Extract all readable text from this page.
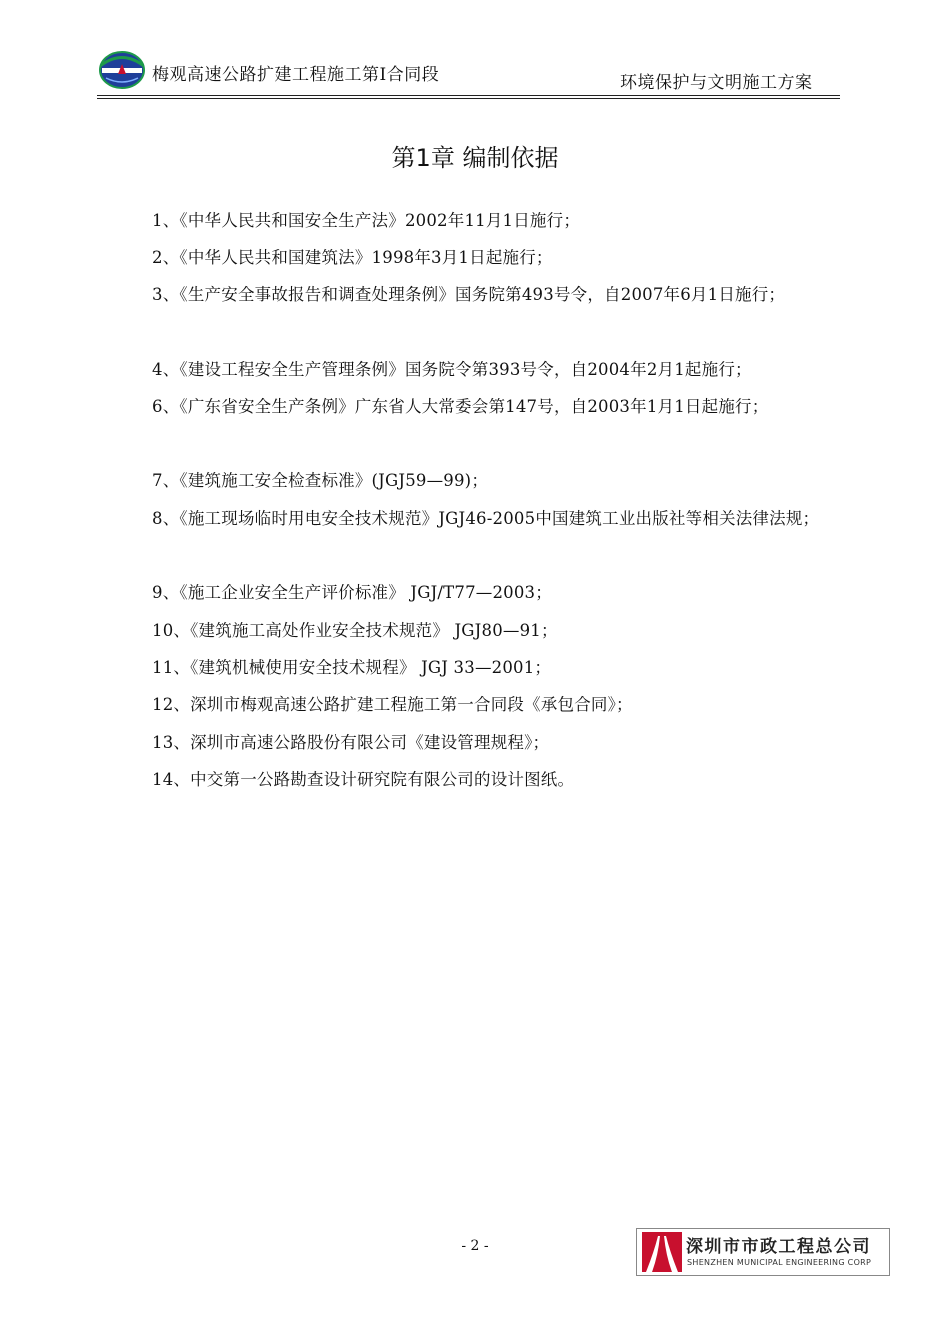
梅观高速公路扩建工程施工第Ⅰ合同段	环境保护与文明施工方案
第1章 编制依据
1、《中华人民共和国安全生产法》2002年11月1日施行；
2、《中华人民共和国建筑法》1998年3月1日起施行；
3、《生产安全事故报告和调查处理条例》国务院第493号令，自2007年6月1日施行；
4、《建设工程安全生产管理条例》国务院令第393号令，自2004年2月1起施行；
6、《广东省安全生产条例》广东省人大常委会第147号，自2003年1月1日起施行；
7、《建筑施工安全检查标准》(JGJ59—99)；
8、《施工现场临时用电安全技术规范》JGJ46-2005中国建筑工业出版社等相关法律法规；
9、《施工企业安全生产评价标准》 JGJ/T77—2003；
10、《建筑施工高处作业安全技术规范》 JGJ80—91；
11、《建筑机械使用安全技术规程》 JGJ 33—2001；
12、深圳市梅观高速公路扩建工程施工第一合同段《承包合同》；
13、深圳市高速公路股份有限公司《建设管理规程》；
14、中交第一公路勘查设计研究院有限公司的设计图纸。
- 2 -	深圳市市政工程总公司
SHENZHEN MUNICIPAL ENGINEERING CORP
